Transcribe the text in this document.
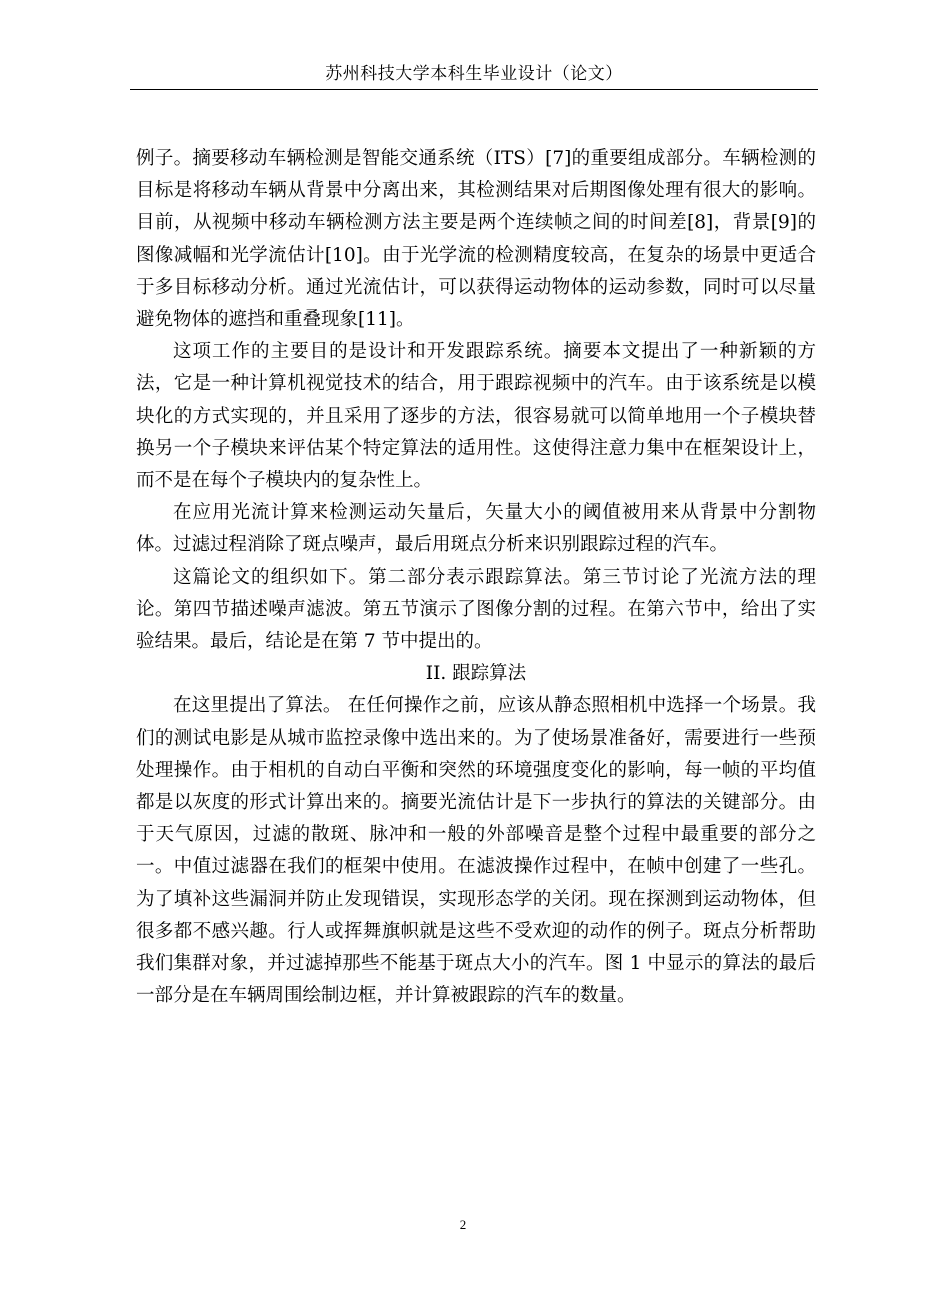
苏州科技大学本科生毕业设计（论文）

例子。摘要移动车辆检测是智能交通系统（ITS）[7]的重要组成部分。车辆检测的目标是将移动车辆从背景中分离出来，其检测结果对后期图像处理有很大的影响。目前，从视频中移动车辆检测方法主要是两个连续帧之间的时间差[8]，背景[9]的图像减幅和光学流估计[10]。由于光学流的检测精度较高，在复杂的场景中更适合于多目标移动分析。通过光流估计，可以获得运动物体的运动参数，同时可以尽量避免物体的遮挡和重叠现象[11]。

这项工作的主要目的是设计和开发跟踪系统。摘要本文提出了一种新颖的方法，它是一种计算机视觉技术的结合，用于跟踪视频中的汽车。由于该系统是以模块化的方式实现的，并且采用了逐步的方法，很容易就可以简单地用一个子模块替换另一个子模块来评估某个特定算法的适用性。这使得注意力集中在框架设计上，而不是在每个子模块内的复杂性上。

在应用光流计算来检测运动矢量后，矢量大小的阈值被用来从背景中分割物体。过滤过程消除了斑点噪声，最后用斑点分析来识别跟踪过程的汽车。

这篇论文的组织如下。第二部分表示跟踪算法。第三节讨论了光流方法的理论。第四节描述噪声滤波。第五节演示了图像分割的过程。在第六节中，给出了实验结果。最后，结论是在第 7 节中提出的。

II. 跟踪算法

在这里提出了算法。 在任何操作之前，应该从静态照相机中选择一个场景。我们的测试电影是从城市监控录像中选出来的。为了使场景准备好，需要进行一些预处理操作。由于相机的自动白平衡和突然的环境强度变化的影响，每一帧的平均值都是以灰度的形式计算出来的。摘要光流估计是下一步执行的算法的关键部分。由于天气原因，过滤的散斑、脉冲和一般的外部噪音是整个过程中最重要的部分之一。中值过滤器在我们的框架中使用。在滤波操作过程中，在帧中创建了一些孔。为了填补这些漏洞并防止发现错误，实现形态学的关闭。现在探测到运动物体，但很多都不感兴趣。行人或挥舞旗帜就是这些不受欢迎的动作的例子。斑点分析帮助我们集群对象，并过滤掉那些不能基于斑点大小的汽车。图 1 中显示的算法的最后一部分是在车辆周围绘制边框，并计算被跟踪的汽车的数量。

2
